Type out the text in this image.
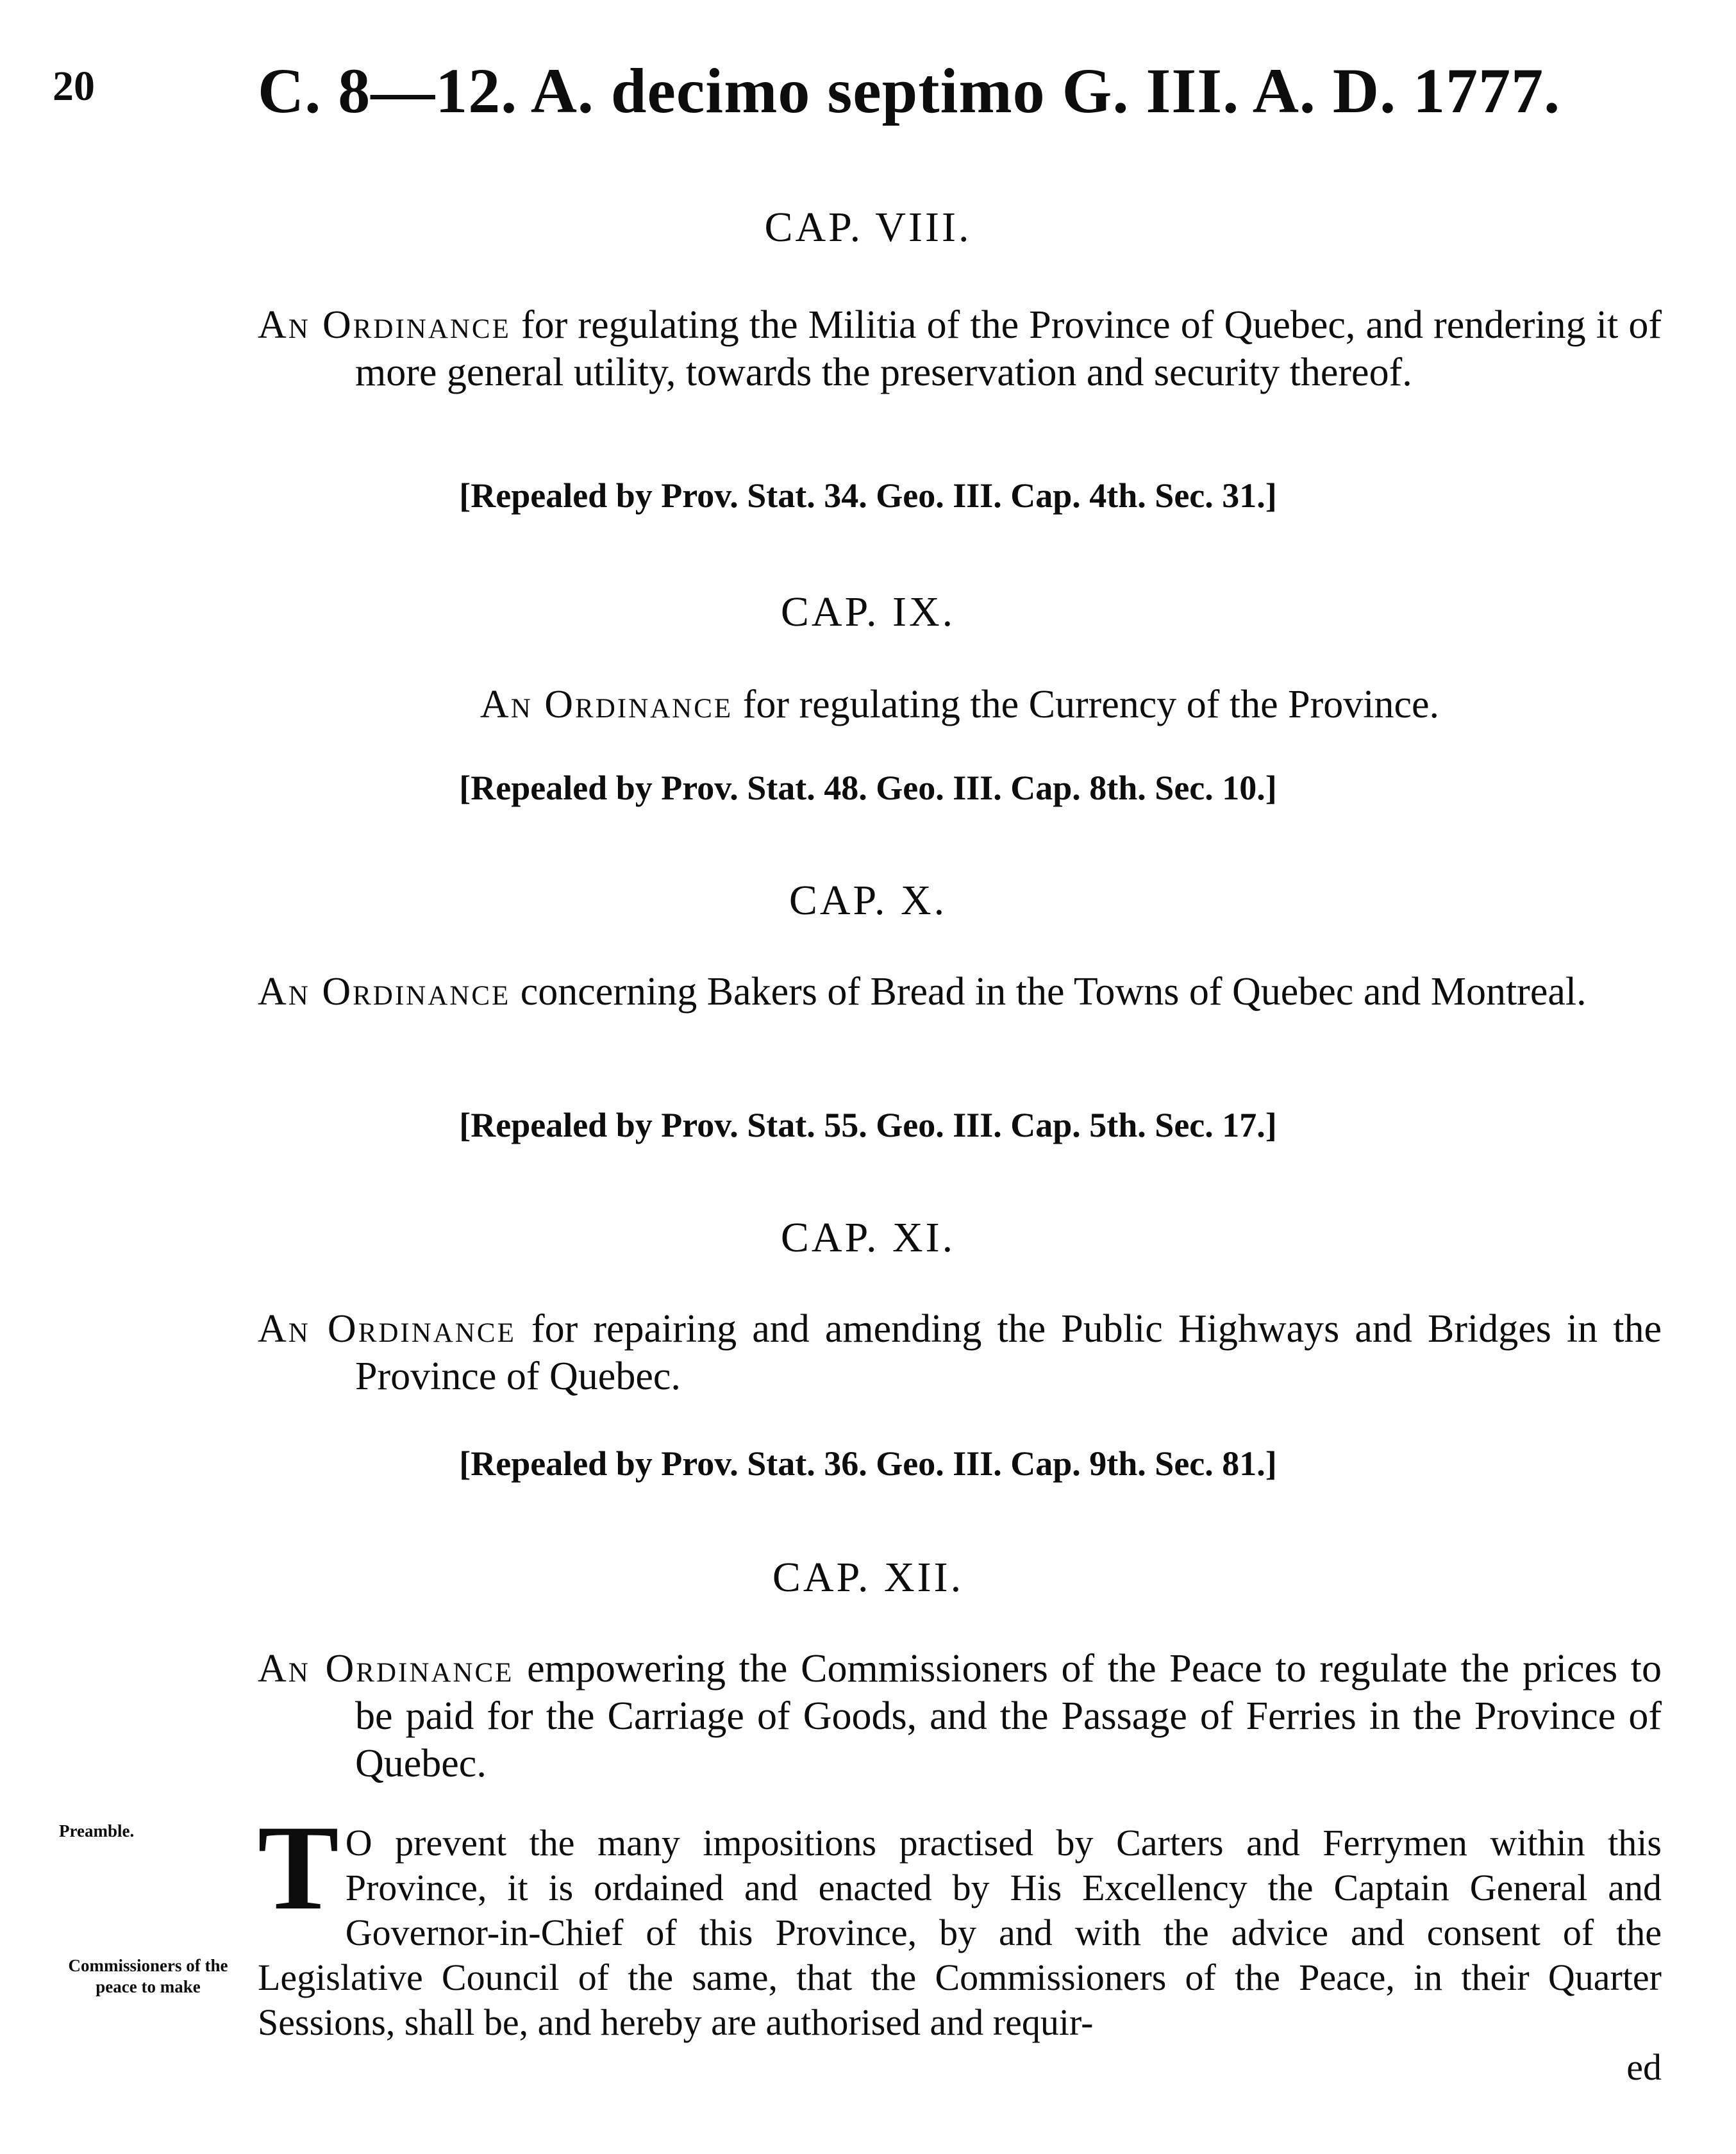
20	C. 8—12. A. decimo septimo G. III. A. D. 1777.
CAP. VIII.
An Ordinance for regulating the Militia of the Province of Quebec, and rendering it of more general utility, towards the preservation and security thereof.
[Repealed by Prov. Stat. 34. Geo. III. Cap. 4th. Sec. 31.]
CAP. IX.
An Ordinance for regulating the Currency of the Province.
[Repealed by Prov. Stat. 48. Geo. III. Cap. 8th. Sec. 10.]
CAP. X.
An Ordinance concerning Bakers of Bread in the Towns of Quebec and Montreal.
[Repealed by Prov. Stat. 55. Geo. III. Cap. 5th. Sec. 17.]
CAP. XI.
An Ordinance for repairing and amending the Public Highways and Bridges in the Province of Quebec.
[Repealed by Prov. Stat. 36. Geo. III. Cap. 9th. Sec. 81.]
CAP. XII.
An Ordinance empowering the Commissioners of the Peace to regulate the prices to be paid for the Carriage of Goods, and the Passage of Ferries in the Province of Quebec.
Preamble.
Commissioners of the peace to make
T O prevent the many impositions practised by Carters and Ferrymen within this Province, it is ordained and enacted by His Excellency the Captain General and Governor-in-Chief of this Province, by and with the advice and consent of the Legislative Council of the same, that the Commissioners of the Peace, in their Quarter Sessions, shall be, and hereby are authorised and requir-
ed
